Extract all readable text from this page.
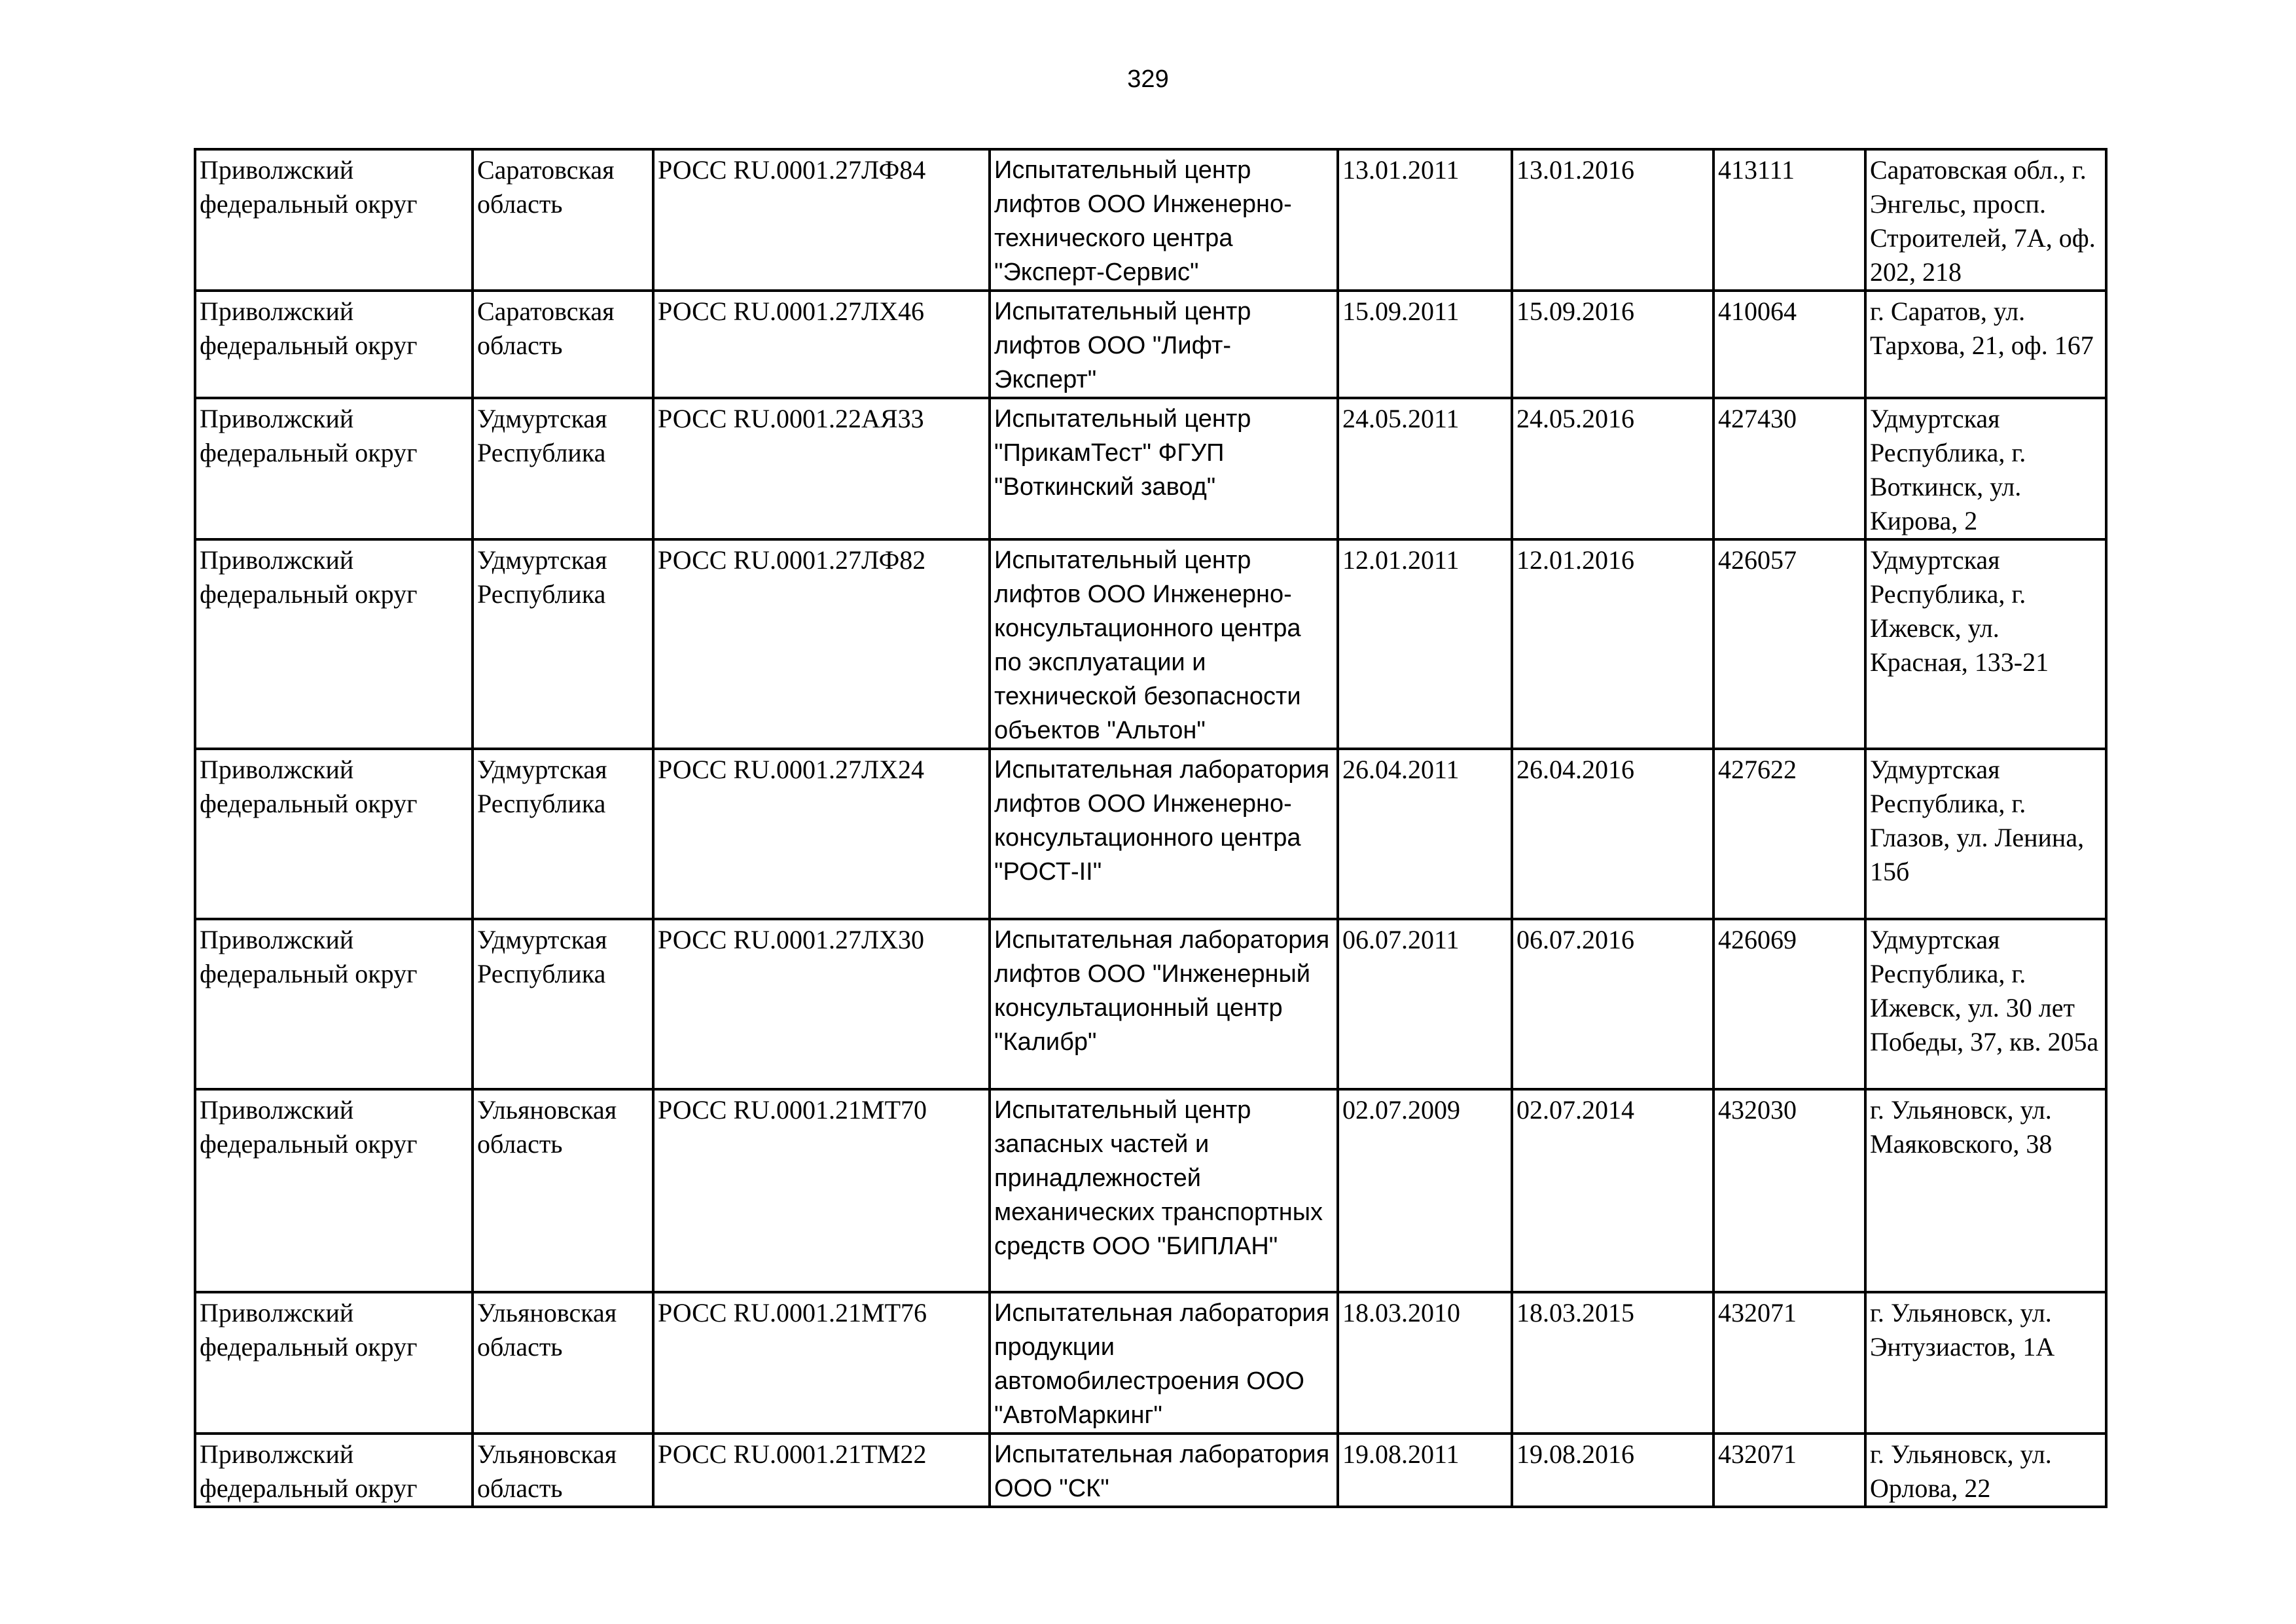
329
Приволжский федеральный округ	Саратовская область	РОСС RU.0001.27ЛФ84	Испытательный центр лифтов ООО Инженерно-технического центра "Эксперт-Сервис"	13.01.2011	13.01.2016	413111	Саратовская обл., г. Энгельс, просп. Строителей, 7А, оф. 202, 218

Приволжский федеральный округ	Саратовская область	РОСС RU.0001.27ЛХ46	Испытательный центр лифтов ООО "Лифт-Эксперт"	15.09.2011	15.09.2016	410064	г. Саратов, ул. Тархова, 21, оф. 167

Приволжский федеральный округ	Удмуртская Республика	РОСС RU.0001.22АЯ33	Испытательный центр "ПрикамТест" ФГУП "Воткинский завод"	24.05.2011	24.05.2016	427430	Удмуртская Республика, г. Воткинск, ул. Кирова, 2

Приволжский федеральный округ	Удмуртская Республика	РОСС RU.0001.27ЛФ82	Испытательный центр лифтов ООО Инженерно-консультационного центра по эксплуатации и технической безопасности объектов "Альтон"	12.01.2011	12.01.2016	426057	Удмуртская Республика, г. Ижевск, ул. Красная, 133-21

Приволжский федеральный округ	Удмуртская Республика	РОСС RU.0001.27ЛХ24	Испытательная лаборатория лифтов ООО Инженерно-консультационного центра "РОСТ-II"	26.04.2011	26.04.2016	427622	Удмуртская Республика, г. Глазов, ул. Ленина, 15б

Приволжский федеральный округ	Удмуртская Республика	РОСС RU.0001.27ЛХ30	Испытательная лаборатория лифтов ООО "Инженерный консультационный центр "Калибр"	06.07.2011	06.07.2016	426069	Удмуртская Республика, г. Ижевск, ул. 30 лет Победы, 37, кв. 205а

Приволжский федеральный округ	Ульяновская область	РОСС RU.0001.21МТ70	Испытательный центр запасных частей и принадлежностей механических транспортных средств ООО "БИПЛАН"	02.07.2009	02.07.2014	432030	г. Ульяновск, ул. Маяковского, 38

Приволжский федеральный округ	Ульяновская область	РОСС RU.0001.21МТ76	Испытательная лаборатория продукции автомобилестроения ООО "АвтоМаркинг"	18.03.2010	18.03.2015	432071	г. Ульяновск, ул. Энтузиастов, 1А

Приволжский федеральный округ	Ульяновская область	РОСС RU.0001.21ТМ22	Испытательная лаборатория ООО "СК"	19.08.2011	19.08.2016	432071	г. Ульяновск, ул. Орлова, 22
